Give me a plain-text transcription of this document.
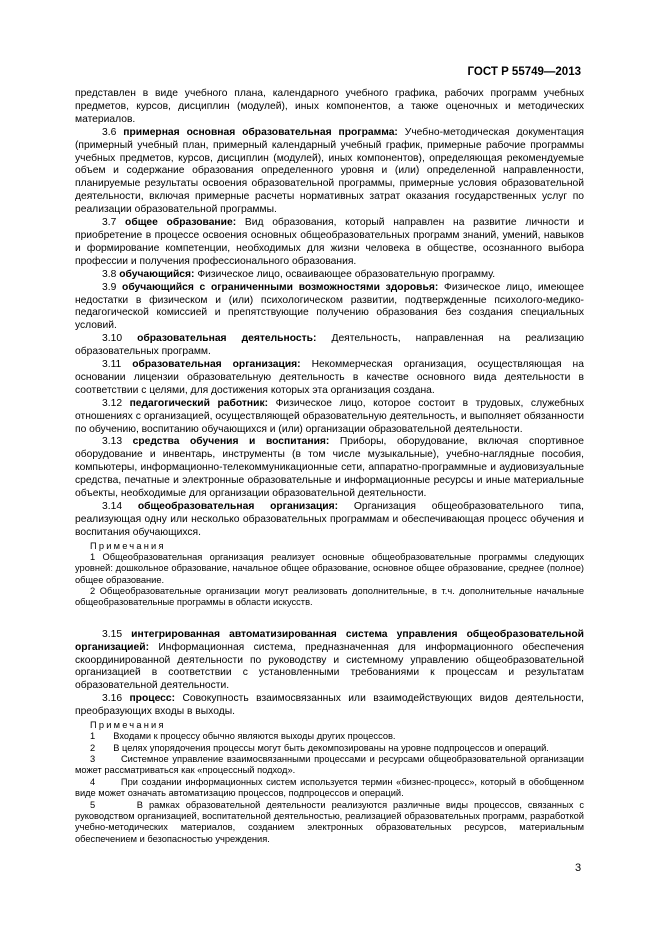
ГОСТ Р 55749—2013

представлен в виде учебного плана, календарного учебного графика, рабочих программ учебных предметов, курсов, дисциплин (модулей), иных компонентов, а также оценочных и методических материалов.

3.6 примерная основная образовательная программа: Учебно-методическая документация (примерный учебный план, примерный календарный учебный график, примерные рабочие программы учебных предметов, курсов, дисциплин (модулей), иных компонентов), определяющая рекомендуемые объем и содержание образования определенного уровня и (или) определенной направленности, планируемые результаты освоения образовательной программы, примерные условия образовательной деятельности, включая примерные расчеты нормативных затрат оказания государственных услуг по реализации образовательной программы.

3.7 общее образование: Вид образования, который направлен на развитие личности и приобретение в процессе освоения основных общеобразовательных программ знаний, умений, навыков и формирование компетенции, необходимых для жизни человека в обществе, осознанного выбора профессии и получения профессионального образования.

3.8 обучающийся: Физическое лицо, осваивающее образовательную программу.

3.9 обучающийся с ограниченными возможностями здоровья: Физическое лицо, имеющее недостатки в физическом и (или) психологическом развитии, подтвержденные психолого-медико-педагогической комиссией и препятствующие получению образования без создания специальных условий.

3.10 образовательная деятельность: Деятельность, направленная на реализацию образовательных программ.

3.11 образовательная организация: Некоммерческая организация, осуществляющая на основании лицензии образовательную деятельность в качестве основного вида деятельности в соответствии с целями, для достижения которых эта организация создана.

3.12 педагогический работник: Физическое лицо, которое состоит в трудовых, служебных отношениях с организацией, осуществляющей образовательную деятельность, и выполняет обязанности по обучению, воспитанию обучающихся и (или) организации образовательной деятельности.

3.13 средства обучения и воспитания: Приборы, оборудование, включая спортивное оборудование и инвентарь, инструменты (в том числе музыкальные), учебно-наглядные пособия, компьютеры, информационно-телекоммуникационные сети, аппаратно-программные и аудиовизуальные средства, печатные и электронные образовательные и информационные ресурсы и иные материальные объекты, необходимые для организации образовательной деятельности.

3.14 общеобразовательная организация: Организация общеобразовательного типа, реализующая одну или несколько образовательных программам и обеспечивающая процесс обучения и воспитания обучающихся.

Примечания

1 Общеобразовательная организация реализует основные общеобразовательные программы следующих уровней: дошкольное образование, начальное общее образование, основное общее образование, среднее (полное) общее образование.

2 Общеобразовательные организации могут реализовать дополнительные, в т.ч. дополнительные начальные общеобразовательные программы в области искусств.

3.15 интегрированная автоматизированная система управления общеобразовательной организацией: Информационная система, предназначенная для информационного обеспечения скоординированной деятельности по руководству и системному управлению общеобразовательной организацией в соответствии с установленными требованиями к процессам и результатам образовательной деятельности.

3.16 процесс: Совокупность взаимосвязанных или взаимодействующих видов деятельности, преобразующих входы в выходы.

Примечания

1       Входами к процессу обычно являются выходы других процессов.

2       В целях упорядочения процессы могут быть декомпозированы на уровне подпроцессов и операций.

3       Системное управление взаимосвязанными процессами и ресурсами общеобразовательной организации может рассматриваться как «процессный подход».

4       При создании информационных систем используется термин «бизнес-процесс», который в обобщенном виде может означать автоматизацию процессов, подпроцессов и операций.

5       В рамках образовательной деятельности реализуются различные виды процессов, связанных с руководством организацией, воспитательной деятельностью, реализацией образовательных программ, разработкой учебно-методических материалов, созданием электронных образовательных ресурсов, материальным обеспечением и безопасностью учреждения.

3
